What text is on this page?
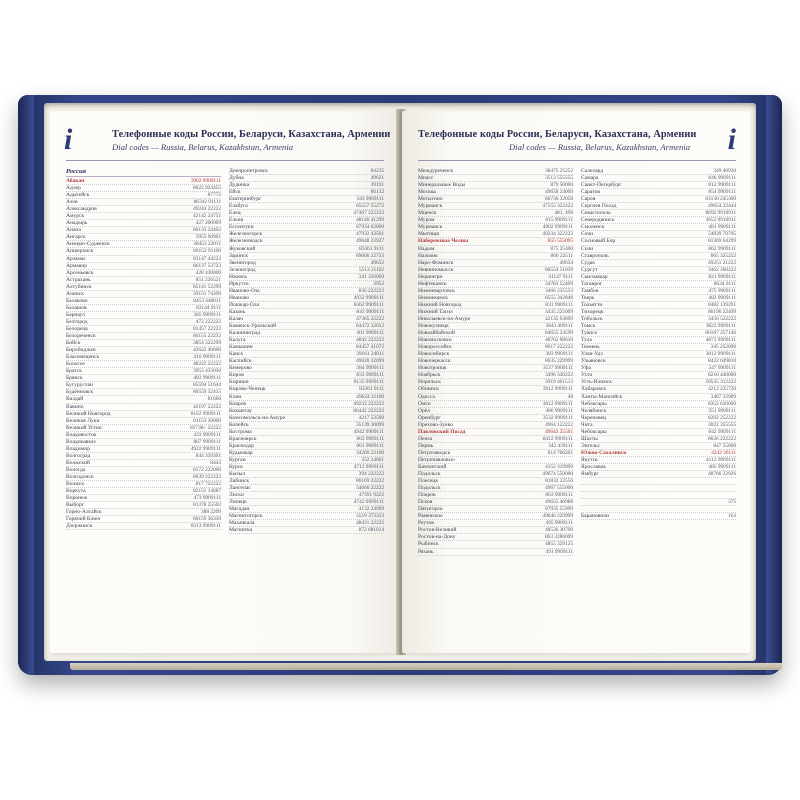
i	Телефонные коды России, Беларуси, Казахстана, Армении
Dial codes — Russia, Belarus, Kazakhstan, Armenia
Россия
Абакан	3902 9909111
Адлер	8622 924455
Адыгейск	87772
Азов	86342 91111
Александров	49244 22222
Амурск	42142 24751
Анадырь	427 200009
Анапа	86133 24402
Ангарск	3955 60901
Анжеро-Судженск	38453 22011
Апшеронск	86152 91100
Арзамас	83147 44222
Армавир	86137 53723
Арсеньевск	428 430000
Астрахань	851 226521
Ахтубинск	85141 52299
Ачинск	39151 74399
Балаково	8453 440011
Балашов	83144 9111
Барнаул	385 9909111
Белгород	472 222222
Белорецк	81457 22222
Белореченск	86155 22232
Бийск	3854 322299
Биробиджан	42622 40600
Благовещенск	416 9909111
Бологое	48222 22222
Братск	3953 433030
Брянск	483 9909111
Бугуруслан	85594 51644
Будённовск	86559 32415
Валдай	81666
Вавино	42197 22222
Великий Новгород	8162 9909111
Великие Луки	81153 30000
Великий Устюг	81738+ 22222
Владивосток	423 9909111
Владикавказ	867 9909111
Владимир	4922 9909111
Волгоград	844 339301
Волжский	8443
Вологда	8172 222000
Волгодонск	8639 222222
Волжск	817 722222
Воркута	82151 14687
Воронеж	473 9909111
Выборг	81378 25502
Горно-Алтайск	388 2209
Горячий Ключ	86159 36330
Дзержинск	8313 9909111
Днепропетровск	84235
Дубна	49621
Дудинка	39191
Ейск	86132
Екатеринбург	343 9909111
Елабуга	85557 55272
Елец	47467 222222
Ельня	48146 41299
Ессентуки	87934 62000
Железногорск	47932 43501
Железноводск	49648 23927
Жуковский	83361 9111
Заринск	89606 22733
Звенигород	49632
Зеленоград	5513 21102
Ижевск	341 316009
Иркутск	3952
Иваново-Оза	836 222222
Иваново	4932 9909111
Йошкар-Ола	8362 9909111
Казань	843 9909111
Калач	47365 22222
Каменск-Уральский	84472 32012
Калининград	401 9909111
Калуга	4842 222222
Камышин	84457 41072
Канск	39161 24011
Каспийск	49620 32099
Кемерово	384 9909111
Киров	833 9909111
Кириши	8135 9909111
Кирово-Чепецк	83361 9111
Клин	49624 31100
Ковров	49232 222222
Кокшетау	86442 222222
Комсомольск-на-Амуре	4217 53500
Копейск	35139 30099
Кострома	4942 9909111
Красноярск	863 9909111
Краснодар	861 9909111
Кудымкар	34260 22100
Курган	352 24601
Курск	4712 9909111
Кызыл	394 222222
Лабинск	86169 22222
Лангепас	34666 22222
Лиски	47391 9222
Липецк	4742 9909111
Магадан	4132 24999
Магнитогорск	3519 373333
Махачкала	48431 22222
Магнитка	872 681014
i
Телефонные коды России, Беларуси, Казахстана, Армении
Dial codes — Russia, Belarus, Kazakhstan, Armenia
Междуреченск	38475 25252
Миасс	3513 555555
Минеральные Воды	879 50000
Москва	49658 24009
Мотыгино	86736 32058
Мурманск	47555 322222
Мценск	481, 498
Муром	815 9909111
Мурманск	4902 9909111
Мытищи	49234 322222
Набережные Челны	855 555095
Надым	875 25400
Нальчик	866 22511
Наро-Фоминск	49634
Невинномысск	86554 51039
Нерюнгри	41147 9111
Нефтекамск	34783 52409
Нижневартовск	3466 235533
Нижнекамск	8555 342848
Нижний Новгород	831 9909111
Нижний Тагил	3435 225009
Николаевск-на-Амуре	42135 63699
Новокузнецк	3843 409111
Новоайбайский	84655 24599
Новомосковск	48762 68610
Новороссийск	8617 222222
Новосибирск	383 9909111
Новочеркасск	8635 229999
Новотроицк	3537 9909111
Ноябрьск	3496 349222
Норильск	3919 461513
Обнинск	3912 9909111
Одесса	48
Омск	3812 9909111
Орёл	486 9909111
Оренбург	3532 9909111
Орехово-Зуево	4964 122222
Павловский Посад	49643 25501
Пенза	8412 9909111
Пермь	342 439111
Петрозаводск	814 766201
Петропавловск-
Камчатский	4152 319999
Подольск	49674 550000
Плесецк	81832 22556
Подольск	4967 555000
Покров	863 9909111
Псков	49655 46988
Пятигорск	87935 55999
Раменское	49646 229999
Реутов	495 9909111
Ростов-Великий	48536 30790
Ростов-на-Дону	863 3286699
Рыбинск	4855 329125
Рязань	491 9909111
Салехард	349 46930
Самара	846 9909111
Санкт-Петербург	812 9909111
Саратов	854 9909111
Саров	83130 245300
Сергиев Посад	49654 22444
Севастополь	8692 9910911
Северодвинск	3652 9910911
Смоленск	481 9909111
Сочи	54839 70705
Сосновый Бор	81369 64299
Сочи	862 9909111
Ставрополь	865 325252
Судак	49251 21222
Сургут	3462 360222
Сыктывкар	821 9909111
Таганрог	8634 9111
Тамбов	475 9909111
Тверь	482 9909111
Тольятти	8482 139291
Тихорецк	86196 22499
Тобольск	3456 522222
Томск	3822 9909111
Туапсе	86167 257146
Тула	4872 9909111
Тюмень	345 252096
Улан-Удэ	3012 9909111
Ульяновск	8422 649810
Уфа	347 9909111
Ухта	8216 440000
Усть-Илимск	39535 312222
Хабаровск	4212 225720
Ханты-Мансийск	3467 32909
Чебоксары	8352 620000
Челябинск	351 9909111
Череповец	8202 252222
Чита	3022 355555
Чебоксары	842 9909111
Шахты	8636 222222
Энгельс	847 55600
Южно-Сахалинск	4242 36111
Якутск	4112 9909111
Ярославль	485 9909111
Ямбург	48766 22926
375
Барановичи	163
